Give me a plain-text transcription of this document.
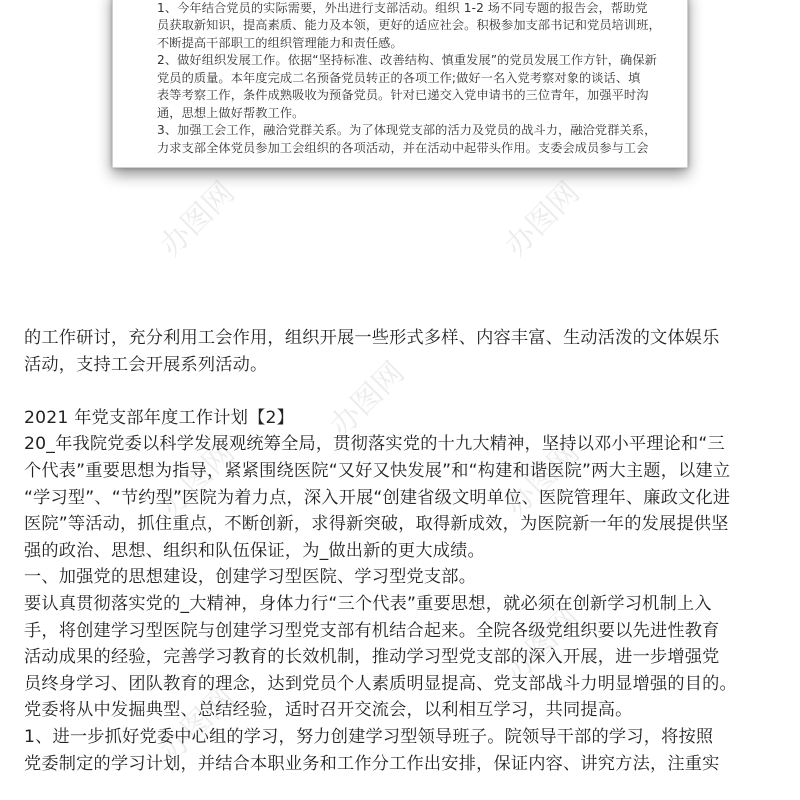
1、今年结合党员的实际需要，外出进行支部活动。组织 1-2 场不同专题的报告会，帮助党
员获取新知识，提高素质、能力及本领，更好的适应社会。积极参加支部书记和党员培训班，
不断提高干部职工的组织管理能力和责任感。
2、做好组织发展工作。依据“坚持标准、改善结构、慎重发展”的党员发展工作方针，确保新
党员的质量。本年度完成二名预备党员转正的各项工作;做好一名入党考察对象的谈话、填
表等考察工作，条件成熟吸收为预备党员。针对已递交入党申请书的三位青年，加强平时沟
通，思想上做好帮教工作。
3、加强工会工作，融洽党群关系。为了体现党支部的活力及党员的战斗力，融洽党群关系，
力求支部全体党员参加工会组织的各项活动，并在活动中起带头作用。支委会成员参与工会
办图网	办图网
办图网
办图网
办图网
办图网
办图网
的工作研讨，充分利用工会作用，组织开展一些形式多样、内容丰富、生动活泼的文体娱乐
活动，支持工会开展系列活动。
2021 年党支部年度工作计划【2】
20_年我院党委以科学发展观统筹全局，贯彻落实党的十九大精神，坚持以邓小平理论和“三
个代表”重要思想为指导，紧紧围绕医院“又好又快发展”和“构建和谐医院”两大主题，以建立
“学习型”、“节约型”医院为着力点，深入开展“创建省级文明单位、医院管理年、廉政文化进
医院”等活动，抓住重点，不断创新，求得新突破，取得新成效，为医院新一年的发展提供坚
强的政治、思想、组织和队伍保证，为_做出新的更大成绩。
一、加强党的思想建设，创建学习型医院、学习型党支部。
要认真贯彻落实党的_大精神，身体力行“三个代表”重要思想，就必须在创新学习机制上入
手，将创建学习型医院与创建学习型党支部有机结合起来。全院各级党组织要以先进性教育
活动成果的经验，完善学习教育的长效机制，推动学习型党支部的深入开展，进一步增强党
员终身学习、团队教育的理念，达到党员个人素质明显提高、党支部战斗力明显增强的目的。
党委将从中发掘典型、总结经验，适时召开交流会，以利相互学习，共同提高。
1、进一步抓好党委中心组的学习，努力创建学习型领导班子。院领导干部的学习，将按照
党委制定的学习计划，并结合本职业务和工作分工作出安排，保证内容、讲究方法，注重实
